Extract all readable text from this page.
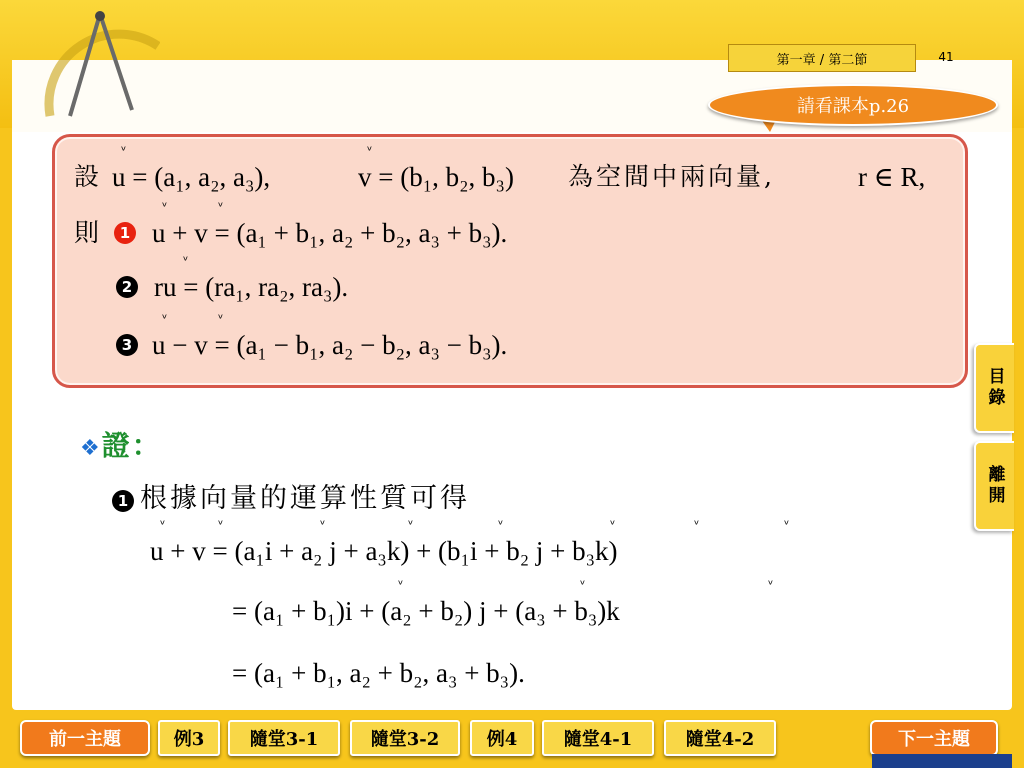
第一章 / 第二節	41
請看課本p.26
設
ᵛ
u = (a₁, a₂, a₃),
ᵛ
v = (b₁, b₂, b₃) 為空間中兩向量,	r ∈ R,
則	1
ᵛ	ᵛ
u + v = (a₁ + b₁, a₂ + b₂, a₃ + b₃).
2
ᵛ
ru = (ra₁, ra₂, ra₃).
3
ᵛ	ᵛ
u − v = (a₁ − b₁, a₂ − b₂, a₃ − b₃).
❖證：
1 根據向量的運算性質可得
ᵛ	ᵛ	ᵛ	ᵛ	ᵛ	ᵛ	ᵛ	ᵛ
u + v = (a₁i + a₂ j + a₃k) + (b₁i + b₂ j + b₃k)
ᵛ	ᵛ	ᵛ
= (a₁ + b₁)i + (a₂ + b₂) j + (a₃ + b₃)k
= (a₁ + b₁, a₂ + b₂, a₃ + b₃).
目錄
離開
前一主題	例3	隨堂3-1	隨堂3-2	例4	隨堂4-1	隨堂4-2	下一主題
